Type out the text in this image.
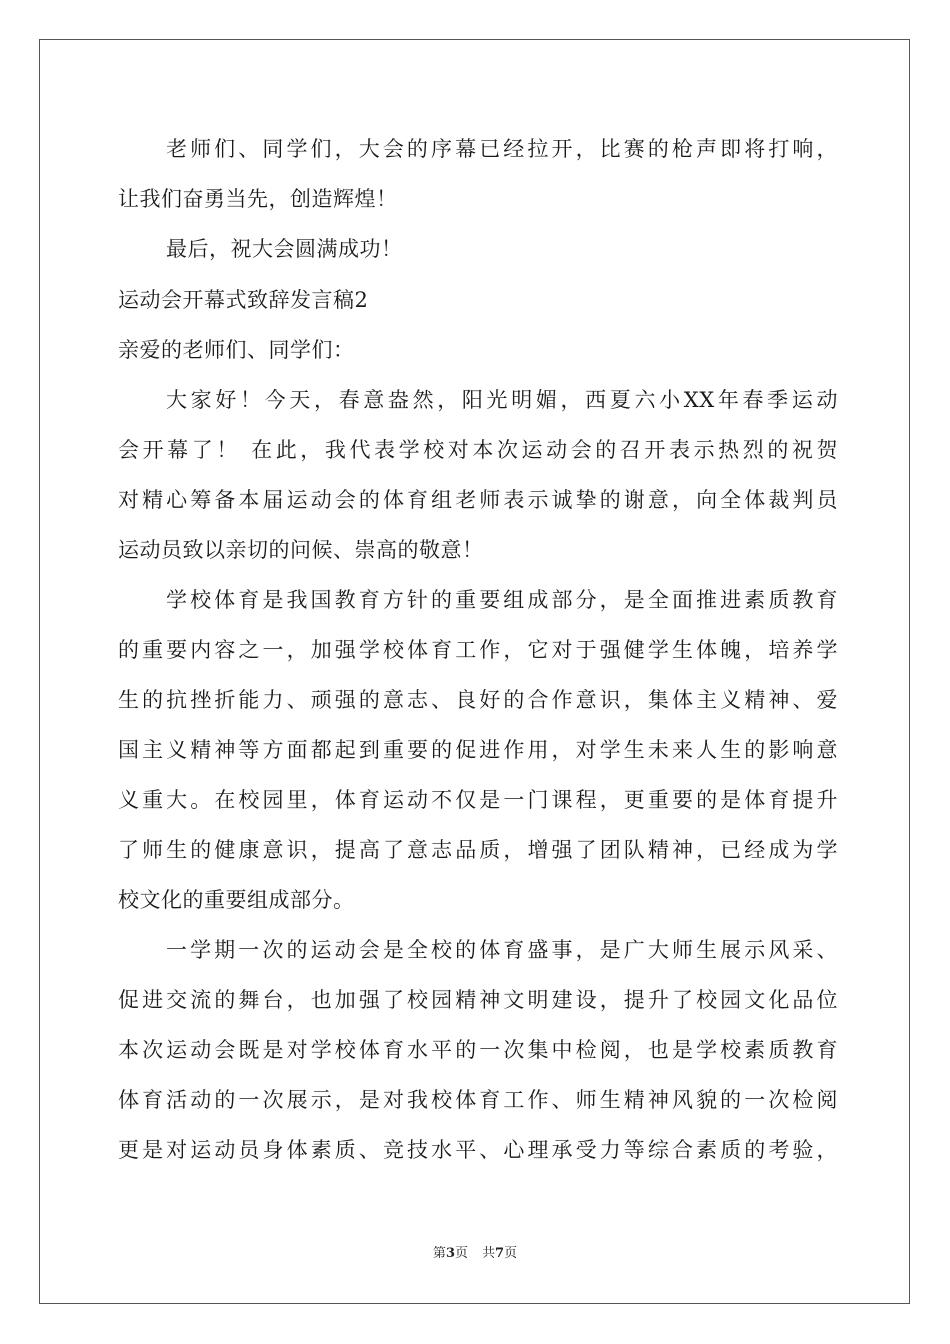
老师们、同学们，大会的序幕已经拉开，比赛的枪声即将打响，
让我们奋勇当先，创造辉煌！
最后，祝大会圆满成功！
运动会开幕式致辞发言稿2
亲爱的老师们、同学们：
大家好！今天，春意盎然，阳光明媚，西夏六小XX年春季运动
会开幕了！ 在此，我代表学校对本次运动会的召开表示热烈的祝贺
对精心筹备本届运动会的体育组老师表示诚挚的谢意，向全体裁判员
运动员致以亲切的问候、崇高的敬意！
学校体育是我国教育方针的重要组成部分，是全面推进素质教育
的重要内容之一，加强学校体育工作，它对于强健学生体魄，培养学
生的抗挫折能力、顽强的意志、良好的合作意识，集体主义精神、爱
国主义精神等方面都起到重要的促进作用，对学生未来人生的影响意
义重大。在校园里，体育运动不仅是一门课程，更重要的是体育提升
了师生的健康意识，提高了意志品质，增强了团队精神，已经成为学
校文化的重要组成部分。
一学期一次的运动会是全校的体育盛事，是广大师生展示风采、
促进交流的舞台，也加强了校园精神文明建设，提升了校园文化品位
本次运动会既是对学校体育水平的一次集中检阅，也是学校素质教育
体育活动的一次展示，是对我校体育工作、师生精神风貌的一次检阅
更是对运动员身体素质、竞技水平、心理承受力等综合素质的考验，
第3页 共7页
